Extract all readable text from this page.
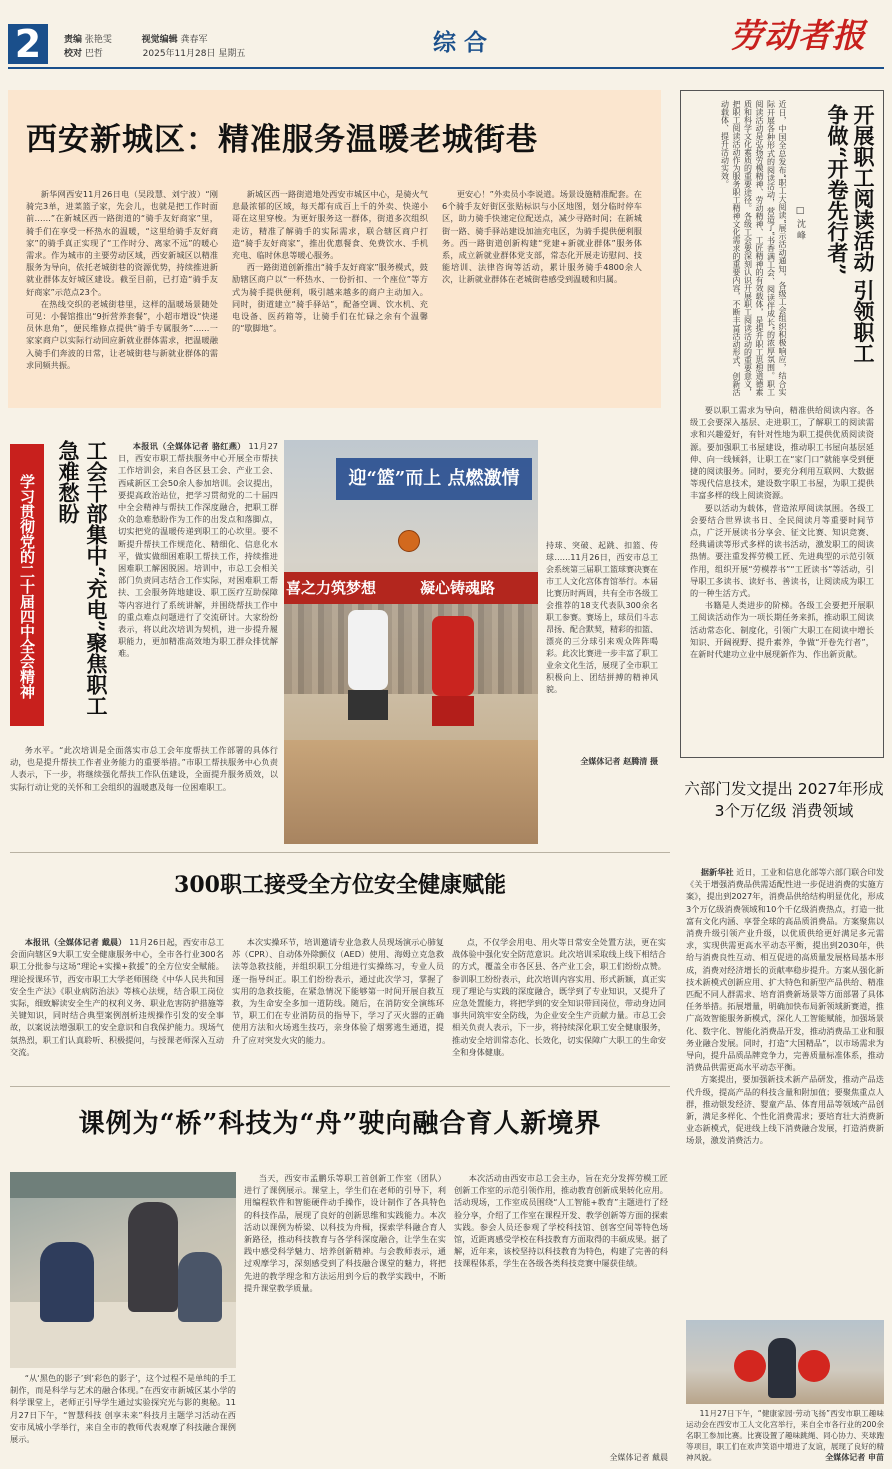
2	责编 张艳雯	视觉编辑 龚春军
校对 巴哲	2025年11月28日 星期五	综 合	劳动者报
西安新城区：精准服务温暖老城街巷
新华网西安11月26日电（吴段慧、刘宁波）“刚骑完3单，进菜篮子家，先会儿，也就是把工作时面前……”在新城区西一路街道的“骑手友好商家”里，骑手们在享受一杯热水的温暖，“这里给骑手友好商家”的骑手真正实现了“工作时分、离家不远”的暖心需求。作为城市的主要劳动区域，西安新城区以精准服务为导向，依托老城街巷的资源优势，持续推进新就业群体友好城区建设。截至目前，已打造“骑手友好商家”示范点23个。
在热线交织的老城街巷里，这样的温暖场景随处可见：小餐馆推出“9折营养套餐”，小超市增设“快递员休息角”，便民维修点提供“骑手专属服务”……一家家商户以实际行动回应新就业群体需求，把温暖融入骑手们奔波的日常，让老城街巷与新就业群体的需求同频共振。
新城区西一路街道地处西安市城区中心，是骑火气息最浓郁的区域，每天都有成百上千的外卖、快递小哥在这里穿梭。为更好服务这一群体，街道多次组织走访，精准了解骑手的实际需求，联合辖区商户打造“骑手友好商家”，推出优惠餐食、免费饮水、手机充电、临时休息等暖心服务。
西一路街道创新推出“骑手友好商家”服务模式，鼓励辖区商户以“一杯热水、一份折扣、一个座位”等方式为骑手提供便利，吸引越来越多的商户主动加入。同时，街道建立“骑手驿站”，配备空调、饮水机、充电设备、医药箱等，让骑手们在忙碌之余有个温馨的“歇脚地”。
更安心！”外卖员小李说道。场景设施精准配套。在6个骑手友好街区张贴标识与小区地图，划分临时停车区，助力骑手快速定位配送点，减少寻路时间；在新城街一路、骑手驿站建设加油充电区，为骑手提供便利服务。西一路街道创新构建“党建+新就业群体”服务体系，成立新就业群体党支部，常态化开展走访慰问、技能培训、法律咨询等活动，累计服务骑手4800余人次，让新就业群体在老城街巷感受到温暖和归属。	开展职工阅读活动 引领职工争做“开卷先行者”
□ 沈 峰
近日，中国全总发布“职工大阅读”展示活动通知，各级工会组织积极响应，结合实际开展各种形式的阅读活动，营造了“书香满工会、阅读伴成长”的浓厚氛围。职工阅读活动是弘扬劳模精神、劳动精神、工匠精神的有效载体，是提升职工思想道德素质和科学文化素质的重要途径。各级工会要深刻认识开展职工阅读活动的重要意义，把职工阅读活动作为服务职工精神文化需求的重要内容，不断丰富活动形式、创新活动载体、提升活动实效。
要以职工需求为导向，精准供给阅读内容。各级工会要深入基层、走进职工，了解职工的阅读需求和兴趣爱好，有针对性地为职工提供优质阅读资源。要加强职工书屋建设，推动职工书屋向基层延伸、向一线倾斜，让职工在“家门口”就能享受到便捷的阅读服务。同时，要充分利用互联网、大数据等现代信息技术，建设数字职工书屋，为职工提供丰富多样的线上阅读资源。
要以活动为载体，营造浓厚阅读氛围。各级工会要结合世界读书日、全民阅读月等重要时间节点，广泛开展读书分享会、征文比赛、知识竞赛、经典诵读等形式多样的读书活动，激发职工的阅读热情。要注重发挥劳模工匠、先进典型的示范引领作用，组织开展“劳模荐书”“工匠读书”等活动，引导职工多读书、读好书、善读书，让阅读成为职工的一种生活方式。
书籍是人类进步的阶梯。各级工会要把开展职工阅读活动作为一项长期任务来抓，推动职工阅读活动常态化、制度化，引领广大职工在阅读中增长知识、开阔视野、提升素养，争做“开卷先行者”，在新时代建功立业中展现新作为、作出新贡献。
学习贯彻党的二十届四中全会精神	工会干部集中“充电”聚焦职工急难愁盼	本报讯（全媒体记者 骆红燕） 11月27日，西安市职工帮扶服务中心开展全市帮扶工作培训会，来自各区县工会、产业工会、西咸新区工会50余人参加培训。会议提出，要提高政治站位，把学习贯彻党的二十届四中全会精神与帮扶工作深度融合，把职工群众的急难愁盼作为工作的出发点和落脚点，切实把党的温暖传递到职工的心坎里。要不断提升帮扶工作规范化、精细化、信息化水平，做实做细困难职工帮扶工作，持续推进困难职工解困脱困。培训中，市总工会相关部门负责同志结合工作实际，对困难职工帮扶、工会服务阵地建设、职工医疗互助保障等内容进行了系统讲解，并围绕帮扶工作中的重点难点问题进行了交流研讨。大家纷纷表示，将以此次培训为契机，进一步提升履职能力，更加精准高效地为职工群众排忧解难。
务水平。“此次培训是全面落实市总工会年度帮扶工作部署的具体行动，也是提升帮扶工作者业务能力的重要举措。”市职工帮扶服务中心负责人表示，下一步，将继续强化帮扶工作队伍建设，全面提升服务质效，以实际行动让党的关怀和工会组织的温暖惠及每一位困难职工。
喜之力筑梦想	凝心铸魂路
迎“篮”而上 点燃激情
持球、突破、起跳、扣篮、传球……11月26日，西安市总工会系统第三届职工篮球赛决赛在市工人文化宫体育馆举行。本届比赛历时两周，共有全市各级工会推荐的18支代表队300余名职工参赛。赛场上，球员们斗志昂扬、配合默契，精彩的扣篮、漂亮的三分球引来观众阵阵喝彩。此次比赛进一步丰富了职工业余文化生活，展现了全市职工积极向上、团结拼搏的精神风貌。
全媒体记者 赵腾清 摄
六部门发文提出 2027年形成3个万亿级 消费领域
据新华社 近日，工业和信息化部等六部门联合印发《关于增强消费品供需适配性进一步促进消费的实施方案》，提出到2027年，消费品供给结构明显优化，形成3个万亿级消费领域和10个千亿级消费热点，打造一批富有文化内涵、享誉全球的高品质消费品。方案聚焦以消费升级引领产业升级，以优质供给更好满足多元需求，实现供需更高水平动态平衡，提出到2030年，供给与消费良性互动、相互促进的高质量发展格局基本形成，消费对经济增长的贡献率稳步提升。方案从强化新技术新模式创新应用、扩大特色和新型产品供给、精准匹配不同人群需求、培育消费新场景等方面部署了具体任务举措。拓展增量，明确加快布局新领域新赛道，推广高效智能服务新模式，深化人工智能赋能，加强场景化、数字化、智能化消费品开发，推动消费品工业和服务业融合发展。同时，打造“大国精品”，以市场需求为导向，提升品质品牌竞争力，完善质量标准体系，推动消费品供需更高水平动态平衡。
方案提出，要加强新技术新产品研发，推动产品迭代升级，提高产品的科技含量和附加值；要聚焦重点人群，推动银发经济、婴童产品、体育用品等领域产品创新，满足多样化、个性化消费需求；要培育壮大消费新业态新模式，促进线上线下消费融合发展，打造消费新场景，激发消费活力。
300职工接受全方位安全健康赋能
本报讯（全媒体记者 戴晨） 11月26日起，西安市总工会面向辖区9大职工安全健康服务中心，全市各行业300名职工分批参与这场“理论+实操+救援”的全方位安全赋能。理论授课环节，西安市职工大学老师围绕《中华人民共和国安全生产法》《职业病防治法》等核心法规，结合职工岗位实际，细致解读安全生产的权利义务、职业危害防护措施等关键知识，同时结合典型案例剖析违规操作引发的安全事故，以案说法增强职工的安全意识和自我保护能力。现场气氛热烈，职工们认真聆听、积极提问，与授课老师深入互动交流。
本次实操环节，培训邀请专业急救人员现场演示心肺复苏（CPR）、自动体外除颤仪（AED）使用、海姆立克急救法等急救技能，并组织职工分组进行实操练习，专业人员逐一指导纠正。职工们纷纷表示，通过此次学习，掌握了实用的急救技能，在紧急情况下能够第一时间开展自救互救，为生命安全多加一道防线。随后，在消防安全演练环节，职工们在专业消防员的指导下，学习了灭火器的正确使用方法和火场逃生技巧，亲身体验了烟雾逃生通道，提升了应对突发火灾的能力。
点，不仅学会用电、用火等日常安全处置方法，更在实战体验中强化安全防范意识。此次培训采取线上线下相结合的方式，覆盖全市各区县、各产业工会，职工们纷纷点赞。参训职工纷纷表示，此次培训内容实用、形式新颖，真正实现了理论与实践的深度融合，既学到了专业知识，又提升了应急处置能力，将把学到的安全知识带回岗位，带动身边同事共同筑牢安全防线，为企业安全生产贡献力量。市总工会相关负责人表示，下一步，将持续深化职工安全健康服务，推动安全培训常态化、长效化，切实保障广大职工的生命安全和身体健康。
课例为“桥”科技为“舟”驶向融合育人新境界
“从‘黑色的影子’到‘彩色的影子’，这个过程不是单纯的手工制作，而是科学与艺术的融合体现。”在西安市新城区某小学的科学课堂上，老师正引导学生通过实验探究光与影的奥秘。11月27日下午，“智慧科技 创享未来”科技月主题学习活动在西安市凤城小学举行，来自全市的教师代表观摩了科技融合课例展示。
当天，西安市孟鹏乐等职工首创新工作室（团队）进行了课例展示。课堂上，学生们在老师的引导下，利用编程软件和智能硬件动手操作，设计制作了各具特色的科技作品，展现了良好的创新思维和实践能力。本次活动以课例为桥梁、以科技为舟楫，探索学科融合育人新路径，推动科技教育与各学科深度融合，让学生在实践中感受科学魅力、培养创新精神。与会教师表示，通过观摩学习，深刻感受到了科技融合课堂的魅力，将把先进的教学理念和方法运用到今后的教学实践中，不断提升课堂教学质量。
本次活动由西安市总工会主办，旨在充分发挥劳模工匠创新工作室的示范引领作用，推动教育创新成果转化应用。活动现场，工作室成员围绕“人工智能+教育”主题进行了经验分享，介绍了工作室在课程开发、教学创新等方面的探索实践。参会人员还参观了学校科技馆、创客空间等特色场馆，近距离感受学校在科技教育方面取得的丰硕成果。据了解，近年来，该校坚持以科技教育为特色，构建了完善的科技课程体系，学生在各级各类科技竞赛中屡获佳绩。
全媒体记者 戴晨
11月27日下午，“健康家园·劳动飞扬”西安市职工趣味运动会在西安市工人文化宫举行，来自全市各行业的200余名职工参加比赛。比赛设置了趣味跳绳、同心协力、夹球跑等项目，职工们在欢声笑语中增进了友谊，展现了良好的精神风貌。	全媒体记者 申苗
